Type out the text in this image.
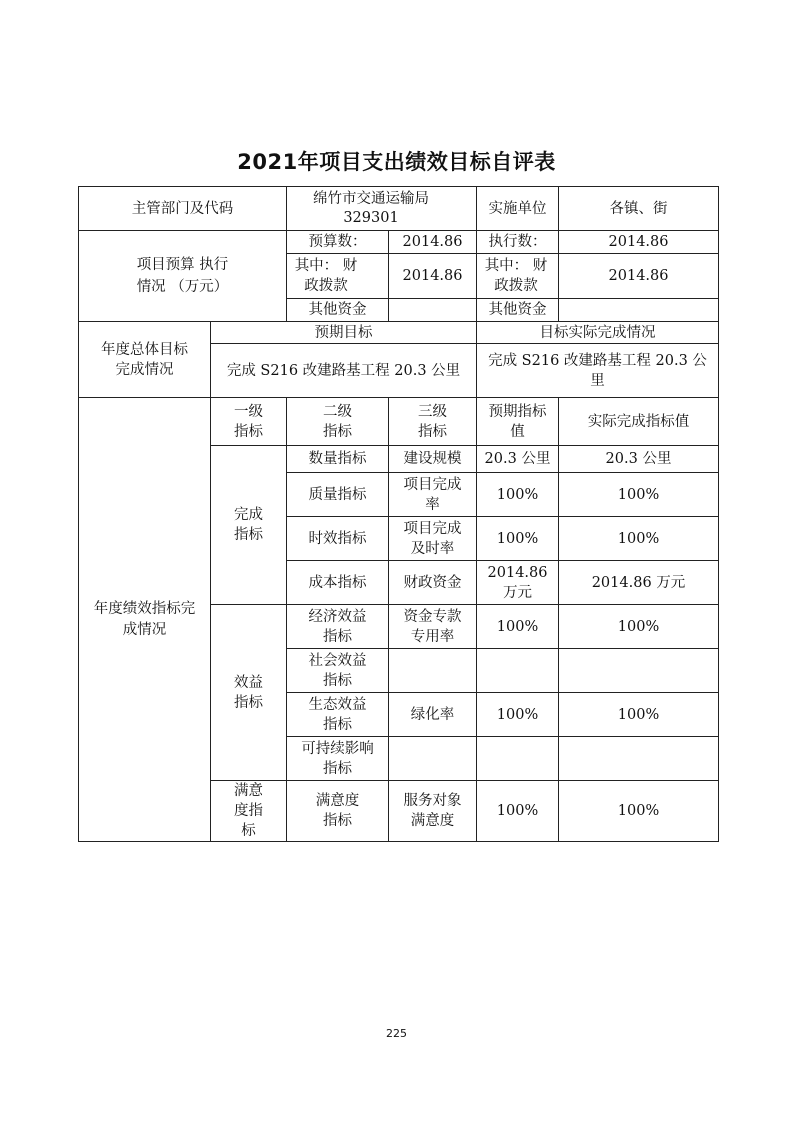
2021年项目支出绩效目标自评表
主管部门及代码		绵竹市交通运输局 329301		实施单位	各镇、街

项目预算 执行情况 （万元）		预算数：	2014.86	执行数：	2014.86

		其中： 财政拨款	2014.86	其中： 财政拨款	2014.86
		其他资金		其他资金	

年度总体目标 完成情况	预期目标			目标实际完成情况	
	完成 S216 改建路基工程 20.3 公里			完成 S216 改建路基工程 20.3 公里	

年度绩效指标完 成情况	一级 指标	二级 指标	三级 指标	预期指标 值	实际完成指标值

	完成 指标	数量指标	建设规模	20.3 公里	20.3 公里
		质量指标	项目完成 率	100%	100%
		时效指标	项目完成 及时率	100%	100%
		成本指标	财政资金	2014.86 万元	2014.86 万元

	效益 指标	经济效益 指标	资金专款 专用率	100%	100%

		社会效益 指标			

		生态效益 指标	绿化率	100%	100%

		可持续影响 指标			

	满意 度指标	满意度 指标	服务对象 满意度	100%	100%
225
